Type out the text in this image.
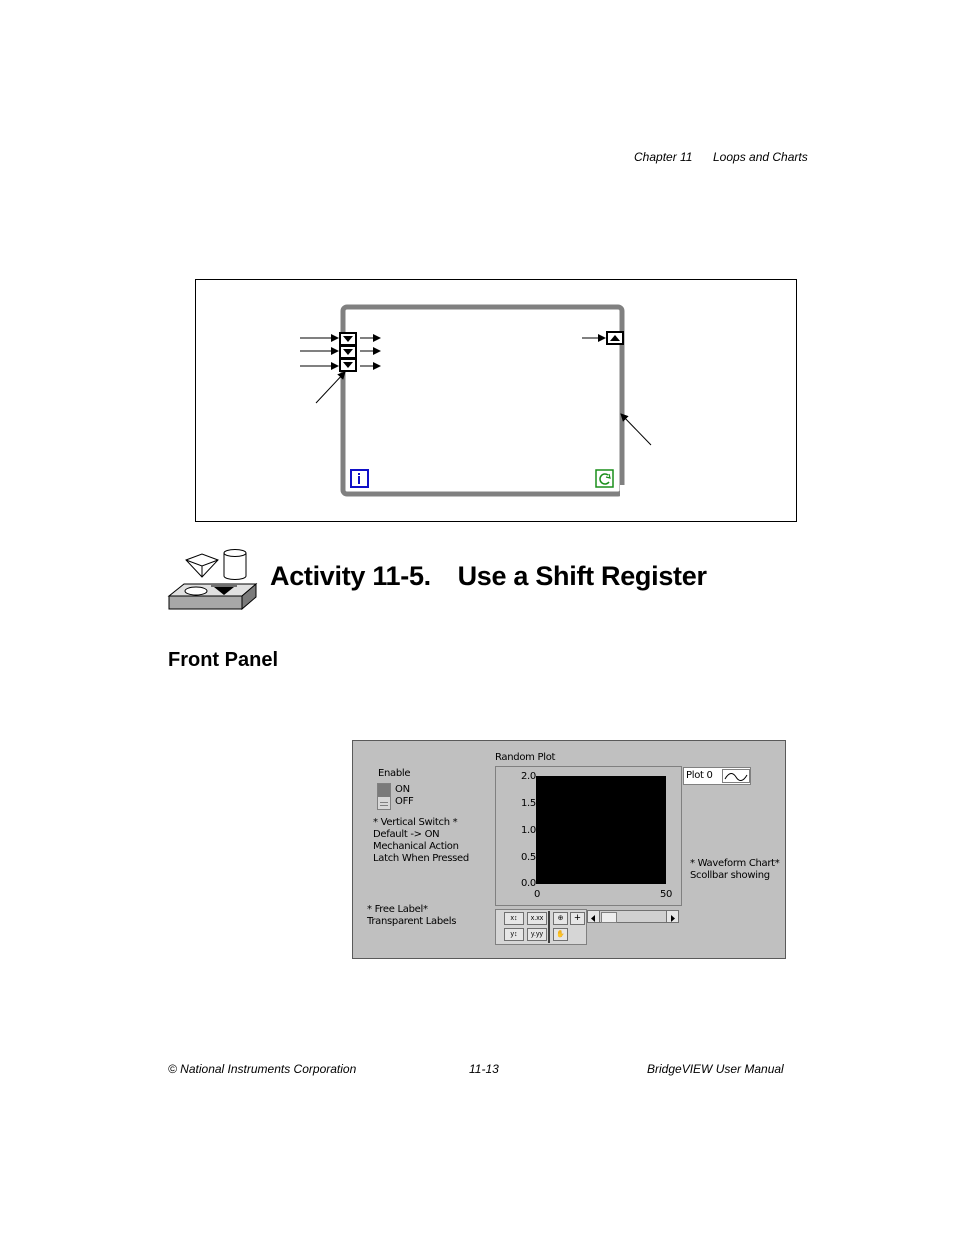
Chapter 11 Loops and Charts
Activity 11-5. Use a Shift Register
Front Panel
Enable
ON
OFF
* Vertical Switch *
Default -> ON
Mechanical Action
Latch When Pressed
* Free Label*
Transparent Labels
Random Plot
2.0
1.5
1.0
0.5
0.0
0	50
Plot 0
* Waveform Chart*
Scollbar showing
x↕	x.xx
y↕	y.yy
⊕ +
✋
© National Instruments Corporation	11-13	BridgeVIEW User Manual
